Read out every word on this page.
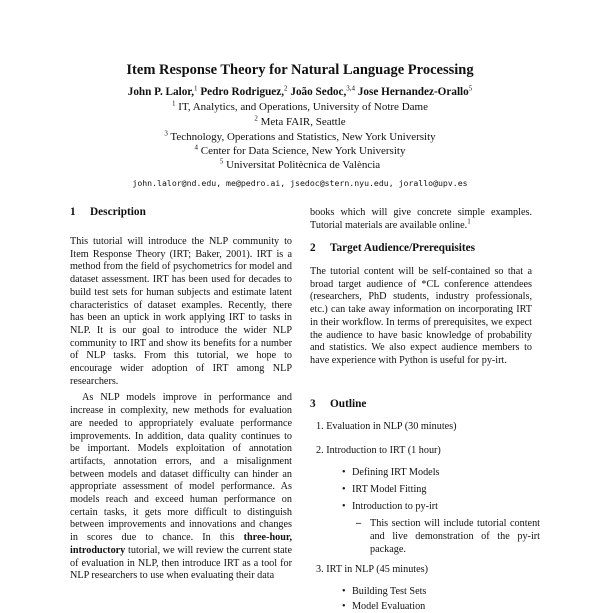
Item Response Theory for Natural Language Processing
John P. Lalor,$^1$ Pedro Rodriguez,$^2$ João Sedoc,$^{3,4}$ Jose Hernandez-Orallo$^5$
$^1$ IT, Analytics, and Operations, University of Notre Dame
$^2$ Meta FAIR, Seattle
$^3$ Technology, Operations and Statistics, New York University
$^4$ Center for Data Science, New York University
$^5$ Universitat Politècnica de València
john.lalor@nd.edu, me@pedro.ai, jsedoc@stern.nyu.edu, jorallo@upv.es
1 Description

This tutorial will introduce the NLP community to Item Response Theory (IRT; Baker, 2001). IRT is a method from the field of psychometrics for model and dataset assessment. IRT has been used for decades to build test sets for human subjects and estimate latent characteristics of dataset examples. Recently, there has been an uptick in work applying IRT to tasks in NLP. It is our goal to introduce the wider NLP community to IRT and show its benefits for a number of NLP tasks. From this tutorial, we hope to encourage wider adoption of IRT among NLP researchers.

As NLP models improve in performance and increase in complexity, new methods for evaluation are needed to appropriately evaluate performance improvements. In addition, data quality continues to be important. Models exploitation of annotation artifacts, annotation errors, and a misalignment between models and dataset difficulty can hinder an appropriate assessment of model performance. As models reach and exceed human performance on certain tasks, it gets more difficult to distinguish between improvements and innovations and changes in scores due to chance. In this three-hour, introductory tutorial, we will review the current state of evaluation in NLP, then introduce IRT as a tool for NLP researchers to use when evaluating their data

books which will give concrete simple examples. Tutorial materials are available online.$^1$
2 Target Audience/Prerequisites
The tutorial content will be self-contained so that a broad target audience of *CL conference attendees (researchers, PhD students, industry professionals, etc.) can take away information on incorporating IRT in their workflow. In terms of prerequisites, we expect the audience to have basic knowledge of probability and statistics. We also expect audience members to have experience with Python is useful for py-irt.
3 Outline
1. Evaluation in NLP (30 minutes)
2. Introduction to IRT (1 hour)
• Defining IRT Models
• IRT Model Fitting
• Introduction to py-irt
– This section will include tutorial content and live demonstration of the py-irt package.
3. IRT in NLP (45 minutes)
• Building Test Sets
• Model Evaluation
